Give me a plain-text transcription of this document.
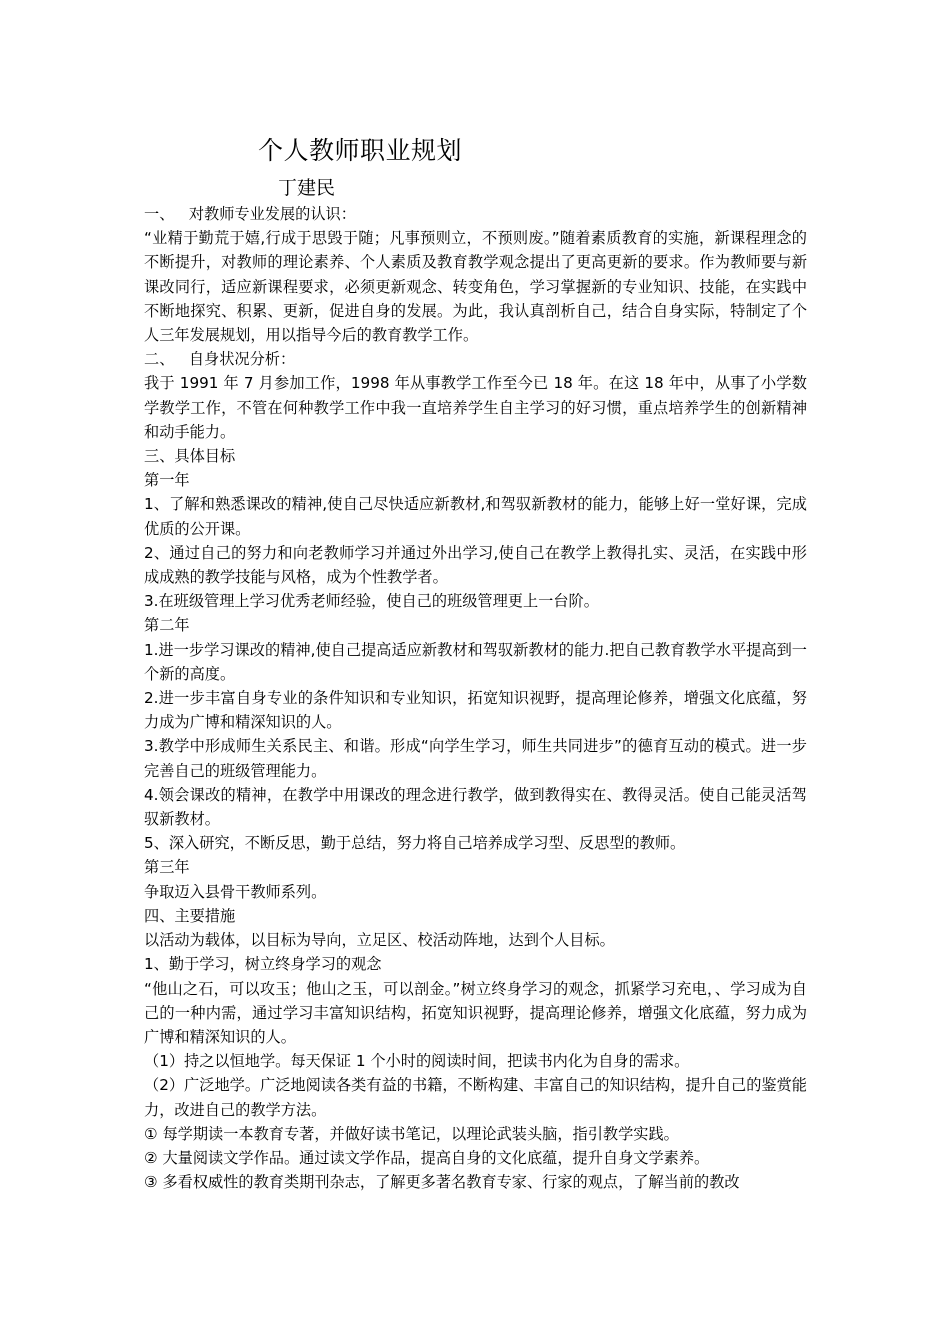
个人教师职业规划
丁建民

一、   对教师专业发展的认识：

“业精于勤荒于嬉,行成于思毁于随；凡事预则立，不预则废。”随着素质教育的实施，新课程理念的不断提升，对教师的理论素养、个人素质及教育教学观念提出了更高更新的要求。作为教师要与新课改同行，适应新课程要求，必须更新观念、转变角色，学习掌握新的专业知识、技能，在实践中不断地探究、积累、更新，促进自身的发展。为此，我认真剖析自己，结合自身实际，特制定了个人三年发展规划，用以指导今后的教育教学工作。

二、   自身状况分析：

我于 1991 年 7 月参加工作，1998 年从事教学工作至今已 18 年。在这 18 年中，从事了小学数学教学工作，不管在何种教学工作中我一直培养学生自主学习的好习惯，重点培养学生的创新精神和动手能力。

三、具体目标

第一年

1、了解和熟悉课改的精神,使自己尽快适应新教材,和驾驭新教材的能力，能够上好一堂好课，完成优质的公开课。

2、通过自己的努力和向老教师学习并通过外出学习,使自己在教学上教得扎实、灵活，在实践中形成成熟的教学技能与风格，成为个性教学者。

3.在班级管理上学习优秀老师经验，使自己的班级管理更上一台阶。

第二年

1.进一步学习课改的精神,使自己提高适应新教材和驾驭新教材的能力.把自己教育教学水平提高到一个新的高度。

2.进一步丰富自身专业的条件知识和专业知识，拓宽知识视野，提高理论修养，增强文化底蕴，努力成为广博和精深知识的人。

3.教学中形成师生关系民主、和谐。形成“向学生学习，师生共同进步”的德育互动的模式。进一步完善自己的班级管理能力。

4.领会课改的精神，在教学中用课改的理念进行教学，做到教得实在、教得灵活。使自己能灵活驾驭新教材。

5、深入研究，不断反思，勤于总结，努力将自己培养成学习型、反思型的教师。

第三年

争取迈入县骨干教师系列。

四、主要措施

以活动为载体，以目标为导向，立足区、校活动阵地，达到个人目标。

1、勤于学习，树立终身学习的观念

“他山之石，可以攻玉；他山之玉，可以剖金。”树立终身学习的观念，抓紧学习充电，、学习成为自己的一种内需，通过学习丰富知识结构，拓宽知识视野，提高理论修养，增强文化底蕴，努力成为广博和精深知识的人。

（1）持之以恒地学。每天保证 1 个小时的阅读时间，把读书内化为自身的需求。

（2）广泛地学。广泛地阅读各类有益的书籍，不断构建、丰富自己的知识结构，提升自己的鉴赏能力，改进自己的教学方法。

① 每学期读一本教育专著，并做好读书笔记，以理论武装头脑，指引教学实践。

② 大量阅读文学作品。通过读文学作品，提高自身的文化底蕴，提升自身文学素养。

③ 多看权威性的教育类期刊杂志，了解更多著名教育专家、行家的观点，了解当前的教改
